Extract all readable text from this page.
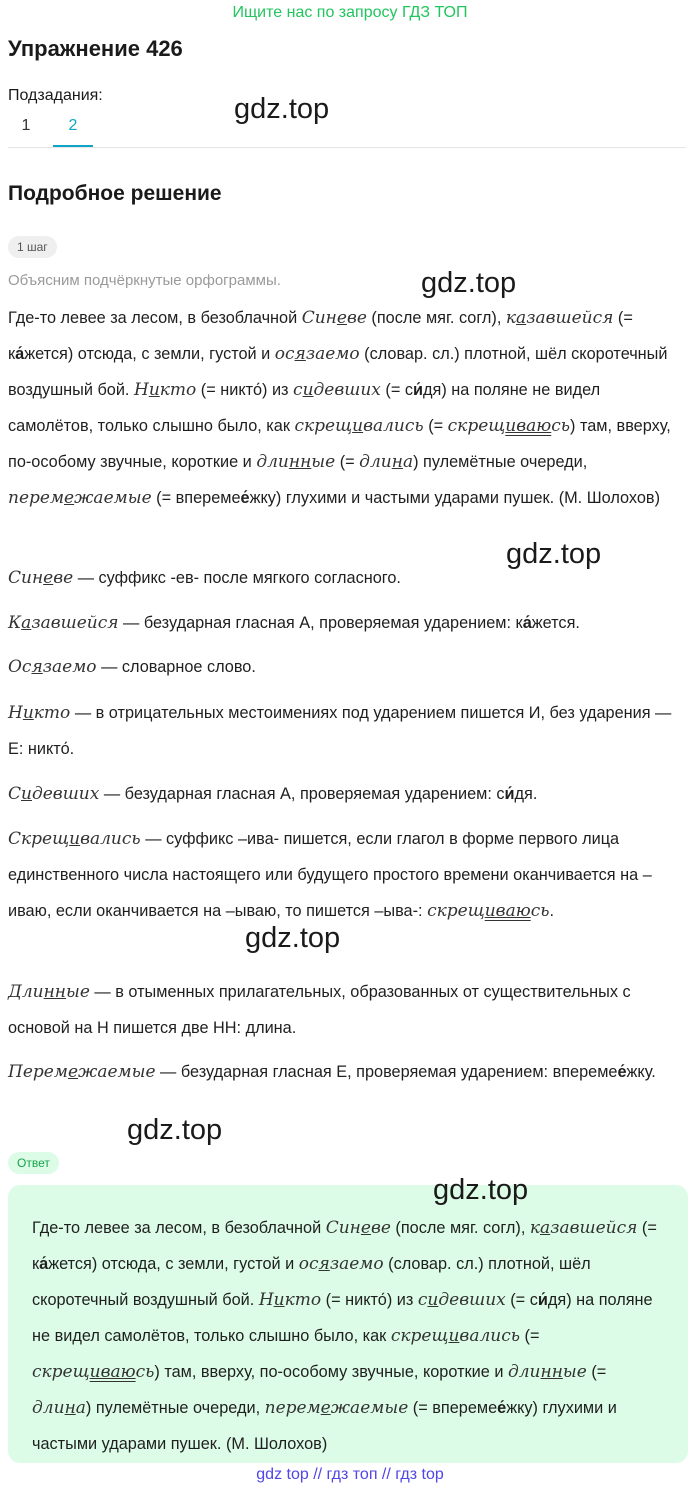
Ищите нас по запросу ГДЗ ТОП
Упражнение 426
Подзадания:
1	2
Подробное решение
1 шаг
Объясним подчёркнутые орфограммы.

Где-то левее за лесом, в безоблачной Синеве (после мяг. согл), казавшейся (= ка́жется) отсюда, с земли, густой и осязаемо (словар. сл.) плотной, шёл скоротечный воздушный бой. Никто (= никто́) из сидевших (= си́дя) на поляне не видел самолётов, только слышно было, как скрещивались (= скрещиваюсь) там, вверху, по-особому звучные, короткие и длинные (= длина) пулемётные очереди, перемежаемые (= вперемее́жку) глухими и частыми ударами пушек. (М. Шолохов)

Синеве — суффикс -ев- после мягкого согласного.

Казавшейся — безударная гласная А, проверяемая ударением: ка́жется.

Осязаемо — словарное слово.

Никто — в отрицательных местоимениях под ударением пишется И, без ударения — Е: никто́.

Сидевших — безударная гласная А, проверяемая ударением: си́дя.

Скрещивались — суффикс –ива- пишется, если глагол в форме первого лица единственного числа настоящего или будущего простого времени оканчивается на –иваю, если оканчивается на –ываю, то пишется –ыва-: скрещиваюсь.

Длинные — в отыменных прилагательных, образованных от существительных с основой на Н пишется две НН: длина.

Перемежаемые — безударная гласная Е, проверяемая ударением: вперемее́жку.

Ответ

Где-то левее за лесом, в безоблачной Синеве (после мяг. согл), казавшейся (= ка́жется) отсюда, с земли, густой и осязаемо (словар. сл.) плотной, шёл скоротечный воздушный бой. Никто (= никто́) из сидевших (= си́дя) на поляне не видел самолётов, только слышно было, как скрещивались (= скрещиваюсь) там, вверху, по-особому звучные, короткие и длинные (= длина) пулемётные очереди, перемежаемые (= вперемее́жку) глухими и частыми ударами пушек. (М. Шолохов)

gdz.top
gdz.top
gdz.top
gdz.top
gdz.top
gdz.top
gdz top // гдз топ // гдз top
